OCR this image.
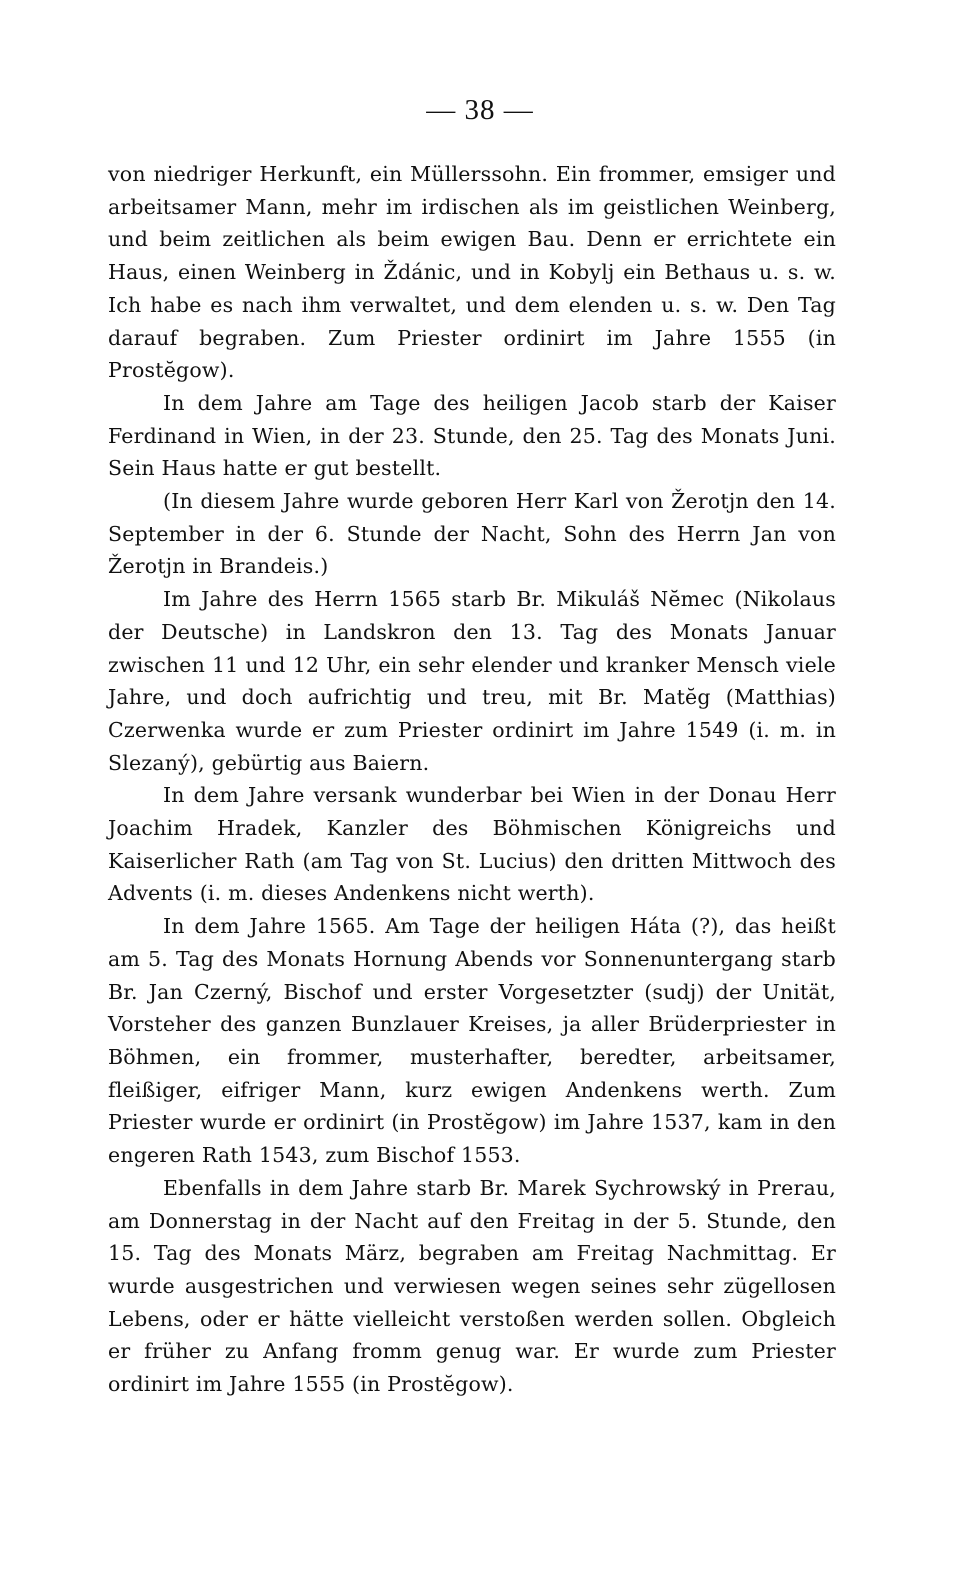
— 38 —

von niedriger Herkunft, ein Müllerssohn. Ein frommer, emsiger und arbeitsamer Mann, mehr im irdischen als im geistlichen Weinberg, und beim zeitlichen als beim ewigen Bau. Denn er errichtete ein Haus, einen Weinberg in Ždánic, und in Kobylj ein Bethaus u. s. w. Ich habe es nach ihm verwaltet, und dem elenden u. s. w. Den Tag darauf begraben. Zum Priester ordinirt im Jahre 1555 (in Prostĕgow).

In dem Jahre am Tage des heiligen Jacob starb der Kaiser Ferdinand in Wien, in der 23. Stunde, den 25. Tag des Monats Juni. Sein Haus hatte er gut bestellt.

(In diesem Jahre wurde geboren Herr Karl von Žerotjn den 14. September in der 6. Stunde der Nacht, Sohn des Herrn Jan von Žerotjn in Brandeis.)

Im Jahre des Herrn 1565 starb Br. Mikuláš Nĕmec (Nikolaus der Deutsche) in Landskron den 13. Tag des Monats Januar zwischen 11 und 12 Uhr, ein sehr elender und kranker Mensch viele Jahre, und doch aufrichtig und treu, mit Br. Matĕg (Matthias) Czerwenka wurde er zum Priester ordinirt im Jahre 1549 (i. m. in Slezaný), gebürtig aus Baiern.

In dem Jahre versank wunderbar bei Wien in der Donau Herr Joachim Hradek, Kanzler des Böhmischen Königreichs und Kaiserlicher Rath (am Tag von St. Lucius) den dritten Mittwoch des Advents (i. m. dieses Andenkens nicht werth).

In dem Jahre 1565. Am Tage der heiligen Háta (?), das heißt am 5. Tag des Monats Hornung Abends vor Sonnenuntergang starb Br. Jan Czerný, Bischof und erster Vorgesetzter (sudj) der Unität, Vorsteher des ganzen Bunzlauer Kreises, ja aller Brüderpriester in Böhmen, ein frommer, musterhafter, beredter, arbeitsamer, fleißiger, eifriger Mann, kurz ewigen Andenkens werth. Zum Priester wurde er ordinirt (in Prostĕgow) im Jahre 1537, kam in den engeren Rath 1543, zum Bischof 1553.

Ebenfalls in dem Jahre starb Br. Marek Sychrowský in Prerau, am Donnerstag in der Nacht auf den Freitag in der 5. Stunde, den 15. Tag des Monats März, begraben am Freitag Nachmittag. Er wurde ausgestrichen und verwiesen wegen seines sehr zügellosen Lebens, oder er hätte vielleicht verstoßen werden sollen. Obgleich er früher zu Anfang fromm genug war. Er wurde zum Priester ordinirt im Jahre 1555 (in Prostĕgow).
